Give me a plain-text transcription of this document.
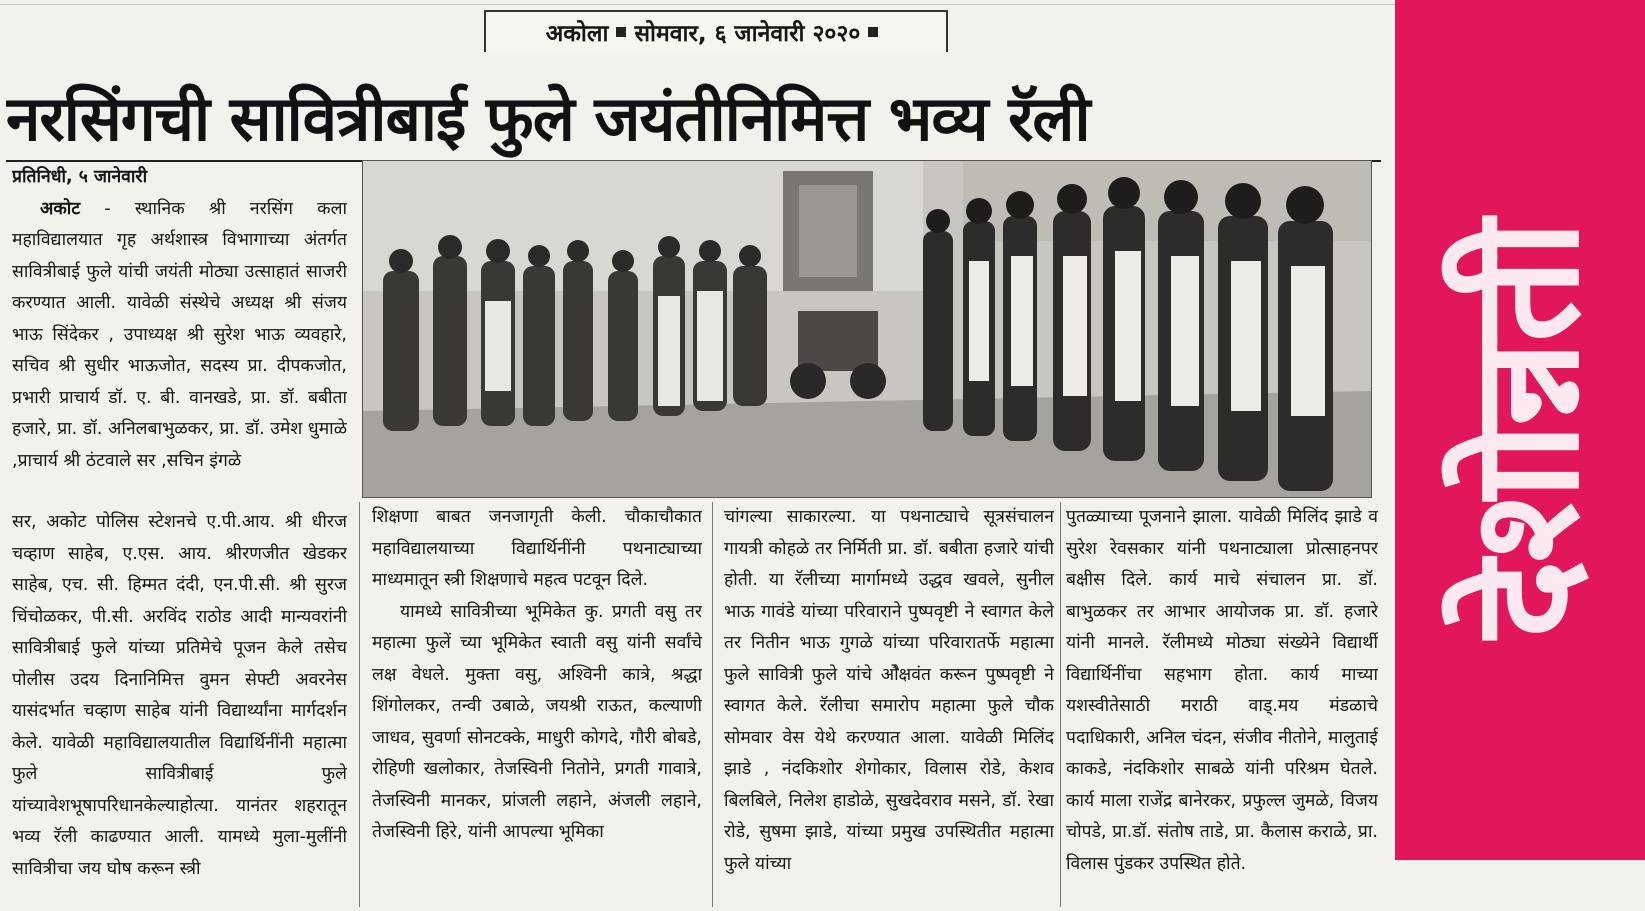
अकोला सोमवार, ६ जानेवारी २०२०
नरसिंगची सावित्रीबाई फुले जयंतीनिमित्त भव्य रॅली

प्रतिनिधी, ५ जानेवारी

अकोट - स्थानिक श्री नरसिंग कला महाविद्यालयात गृह अर्थशास्त्र विभागाच्या अंतर्गत सावित्रीबाई फुले यांची जयंती मोठ्या उत्साहातं साजरी करण्यात आली. यावेळी संस्थेचे अध्यक्ष श्री संजय भाऊ सिंदेकर , उपाध्यक्ष श्री सुरेश भाऊ व्यवहारे, सचिव श्री सुधीर भाऊजोत, सदस्य प्रा. दीपकजोत, प्रभारी प्राचार्य डॉ. ए. बी. वानखडे, प्रा. डॉ. बबीता हजारे, प्रा. डॉ. अनिलबाभुळकर, प्रा. डॉ. उमेश धुमाळे ,प्राचार्य श्री ठंटवाले सर ,सचिन इंगळे

सर, अकोट पोलिस स्टेशनचे ए.पी.आय. श्री धीरज चव्हाण साहेब, ए.एस. आय. श्रीरणजीत खेडकर साहेब, एच. सी. हिम्मत दंदी, एन.पी.सी. श्री सुरज चिंचोळकर, पी.सी. अरविंद राठोड आदी मान्यवरांनी सावित्रीबाई फुले यांच्या प्रतिमेचे पूजन केले तसेच पोलीस उदय दिनानिमित्त वुमन सेफ्टी अवरनेस यासंदर्भात चव्हाण साहेब यांनी विद्यार्थ्यांना मार्गदर्शन केले. यावेळी महाविद्यालयातील विद्यार्थिनींनी महात्मा फुले सावित्रीबाई फुले यांच्यावेशभूषापरिधानकेल्याहोत्या. यानंतर शहरातून भव्य रॅली काढण्यात आली. यामध्ये मुला-मुलींनी सावित्रीचा जय घोष करून स्त्री

शिक्षणा बाबत जनजागृती केली. चौकाचौकात महाविद्यालयाच्या विद्यार्थिनींनी पथनाट्याच्या माध्यमातून स्त्री शिक्षणाचे महत्व पटवून दिले.

यामध्ये सावित्रीच्या भूमिकेत कु. प्रगती वसु तर महात्मा फुलें च्या भूमिकेत स्वाती वसु यांनी सर्वांचे लक्ष वेधले. मुक्ता वसु, अश्विनी कात्रे, श्रद्धा शिंगोलकर, तन्वी उबाळे, जयश्री राऊत, कल्याणी जाधव, सुवर्णा सोनटक्के, माधुरी कोगदे, गौरी बोबडे, रोहिणी खलोकार, तेजस्विनी नितोने, प्रगती गावात्रे, तेजस्विनी मानकर, प्रांजली लहाने, अंजली लहाने, तेजस्विनी हिरे, यांनी आपल्या भूमिका

चांगल्या साकारल्या. या पथनाट्याचे सूत्रसंचालन गायत्री कोहळे तर निर्मिती प्रा. डॉ. बबीता हजारे यांची होती. या रॅलीच्या मार्गामध्ये उद्धव खवले, सुनील भाऊ गावंडे यांच्या परिवाराने पुष्पवृष्टी ने स्वागत केले तर नितीन भाऊ गुगळे यांच्या परिवारातर्फे महात्मा फुले सावित्री फुले यांचे ओैक्षवंत करून पुष्पवृष्टी ने स्वागत केले. रॅलीचा समारोप महात्मा फुले चौक सोमवार वेस येथे करण्यात आला. यावेळी मिलिंद झाडे , नंदकिशोर शेगोकार, विलास रोडे, केशव बिलबिले, निलेश हाडोळे, सुखदेवराव मसने, डॉ. रेखा रोडे, सुषमा झाडे, यांच्या प्रमुख उपस्थितीत महात्मा फुले यांच्या

पुतळ्याच्या पूजनाने झाला. यावेळी मिलिंद झाडे व सुरेश रेवसकार यांनी पथनाट्याला प्रोत्साहनपर बक्षीस दिले. कार्य माचे संचालन प्रा. डॉ. बाभुळकर तर आभार आयोजक प्रा. डॉ. हजारे यांनी मानले. रॅलीमध्ये मोठ्या संख्येने विद्यार्थी विद्यार्थिनींचा सहभाग होता. कार्य माच्या यशस्वीतेसाठी मराठी वाड्.मय मंडळाचे पदाधिकारी, अनिल चंदन, संजीव नीतोने, मालुताई काकडे, नंदकिशोर साबळे यांनी परिश्रम घेतले. कार्य माला राजेंद्र बानेरकर, प्रफुल्ल जुमळे, विजय चोपडे, प्रा.डॉ. संतोष ताडे, प्रा. कैलास कराळे, प्रा. विलास पुंडकर उपस्थित होते.

देशोन्नती
